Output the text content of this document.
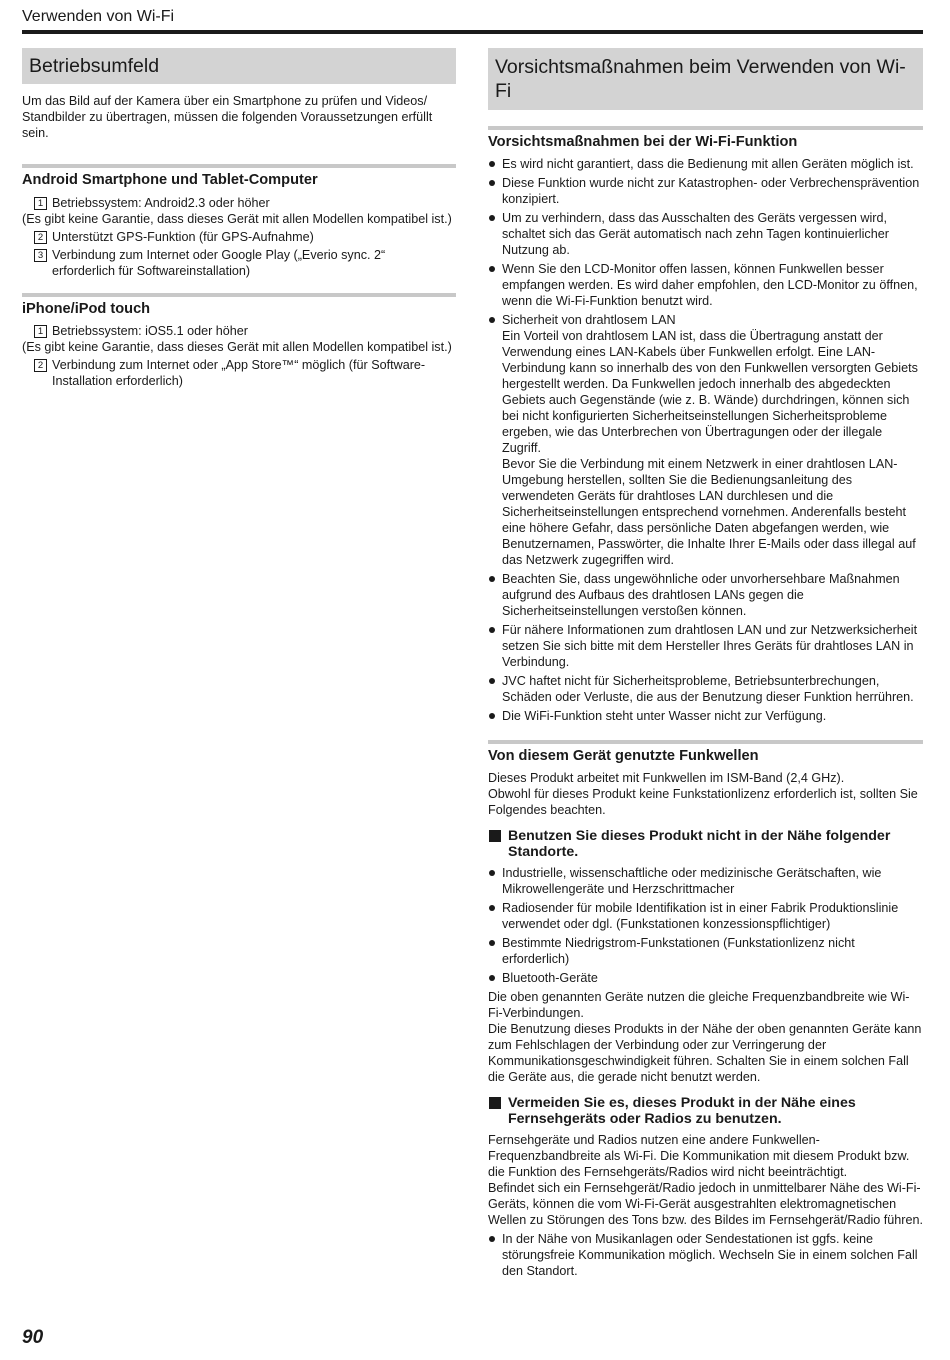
Verwenden von Wi-Fi
Betriebsumfeld
Um das Bild auf der Kamera über ein Smartphone zu prüfen und Videos/ Standbilder zu übertragen, müssen die folgenden Voraussetzungen erfüllt sein.
Android Smartphone und Tablet-Computer
1 Betriebssystem: Android2.3 oder höher
(Es gibt keine Garantie, dass dieses Gerät mit allen Modellen kompatibel ist.)
2 Unterstützt GPS-Funktion (für GPS-Aufnahme)
3 Verbindung zum Internet oder Google Play („Everio sync. 2“ erforderlich für Softwareinstallation)
iPhone/iPod touch
1 Betriebssystem: iOS5.1 oder höher
(Es gibt keine Garantie, dass dieses Gerät mit allen Modellen kompatibel ist.)
2 Verbindung zum Internet oder „App Store™“ möglich (für Software-Installation erforderlich)
Vorsichtsmaßnahmen beim Verwenden von Wi-Fi
Vorsichtsmaßnahmen bei der Wi-Fi-Funktion
Es wird nicht garantiert, dass die Bedienung mit allen Geräten möglich ist.
Diese Funktion wurde nicht zur Katastrophen- oder Verbrechensprävention konzipiert.
Um zu verhindern, dass das Ausschalten des Geräts vergessen wird, schaltet sich das Gerät automatisch nach zehn Tagen kontinuierlicher Nutzung ab.
Wenn Sie den LCD-Monitor offen lassen, können Funkwellen besser empfangen werden. Es wird daher empfohlen, den LCD-Monitor zu öffnen, wenn die Wi-Fi-Funktion benutzt wird.
Sicherheit von drahtlosem LAN
Ein Vorteil von drahtlosem LAN ist, dass die Übertragung anstatt der Verwendung eines LAN-Kabels über Funkwellen erfolgt. Eine LAN-Verbindung kann so innerhalb des von den Funkwellen versorgten Gebiets hergestellt werden. Da Funkwellen jedoch innerhalb des abgedeckten Gebiets auch Gegenstände (wie z. B. Wände) durchdringen, können sich bei nicht konfigurierten Sicherheitseinstellungen Sicherheitsprobleme ergeben, wie das Unterbrechen von Übertragungen oder der illegale Zugriff.
Bevor Sie die Verbindung mit einem Netzwerk in einer drahtlosen LAN-Umgebung herstellen, sollten Sie die Bedienungsanleitung des verwendeten Geräts für drahtloses LAN durchlesen und die Sicherheitseinstellungen entsprechend vornehmen. Anderenfalls besteht eine höhere Gefahr, dass persönliche Daten abgefangen werden, wie Benutzernamen, Passwörter, die Inhalte Ihrer E-Mails oder dass illegal auf das Netzwerk zugegriffen wird.
Beachten Sie, dass ungewöhnliche oder unvorhersehbare Maßnahmen aufgrund des Aufbaus des drahtlosen LANs gegen die Sicherheitseinstellungen verstoßen können.
Für nähere Informationen zum drahtlosen LAN und zur Netzwerksicherheit setzen Sie sich bitte mit dem Hersteller Ihres Geräts für drahtloses LAN in Verbindung.
JVC haftet nicht für Sicherheitsprobleme, Betriebsunterbrechungen, Schäden oder Verluste, die aus der Benutzung dieser Funktion herrühren.
Die WiFi-Funktion steht unter Wasser nicht zur Verfügung.
Von diesem Gerät genutzte Funkwellen
Dieses Produkt arbeitet mit Funkwellen im ISM-Band (2,4 GHz).
Obwohl für dieses Produkt keine Funkstationlizenz erforderlich ist, sollten Sie Folgendes beachten.
Benutzen Sie dieses Produkt nicht in der Nähe folgender Standorte.
Industrielle, wissenschaftliche oder medizinische Gerätschaften, wie Mikrowellengeräte und Herzschrittmacher
Radiosender für mobile Identifikation ist in einer Fabrik Produktionslinie verwendet oder dgl. (Funkstationen konzessionspflichtiger)
Bestimmte Niedrigstrom-Funkstationen (Funkstationlizenz nicht erforderlich)
Bluetooth-Geräte
Die oben genannten Geräte nutzen die gleiche Frequenzbandbreite wie Wi-Fi-Verbindungen.
Die Benutzung dieses Produkts in der Nähe der oben genannten Geräte kann zum Fehlschlagen der Verbindung oder zur Verringerung der Kommunikationsgeschwindigkeit führen. Schalten Sie in einem solchen Fall die Geräte aus, die gerade nicht benutzt werden.
Vermeiden Sie es, dieses Produkt in der Nähe eines Fernsehgeräts oder Radios zu benutzen.
Fernsehgeräte und Radios nutzen eine andere Funkwellen-Frequenzbandbreite als Wi-Fi. Die Kommunikation mit diesem Produkt bzw. die Funktion des Fernsehgeräts/Radios wird nicht beeinträchtigt.
Befindet sich ein Fernsehgerät/Radio jedoch in unmittelbarer Nähe des Wi-Fi-Geräts, können die vom Wi-Fi-Gerät ausgestrahlten elektromagnetischen Wellen zu Störungen des Tons bzw. des Bildes im Fernsehgerät/Radio führen.
In der Nähe von Musikanlagen oder Sendestationen ist ggfs. keine störungsfreie Kommunikation möglich. Wechseln Sie in einem solchen Fall den Standort.
90
